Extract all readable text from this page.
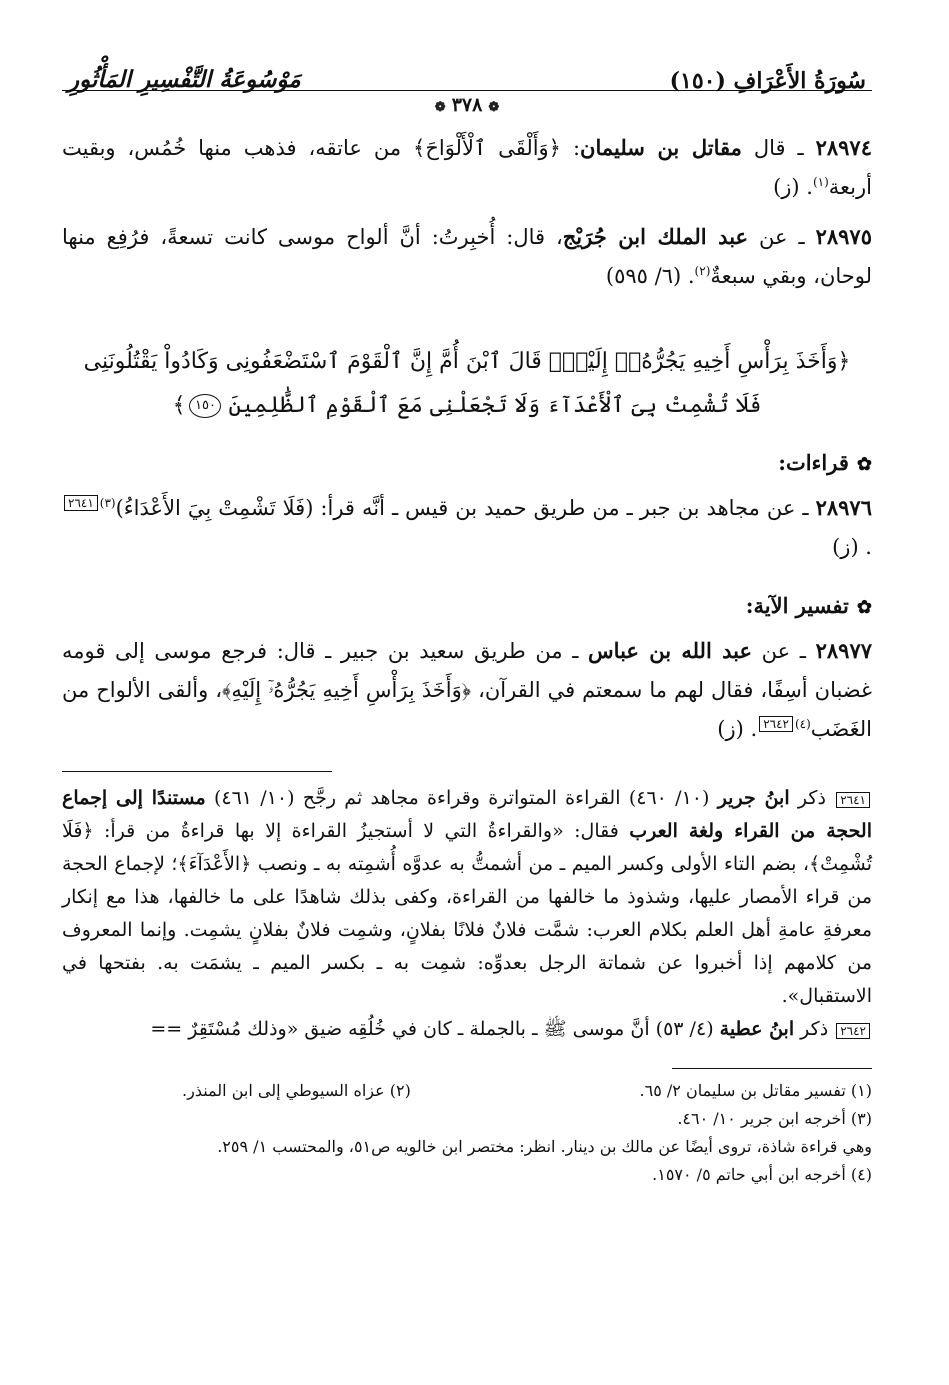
سُورَةُ الأَعْرَافِ (١٥٠)
مَوْسُوعَةُ التَّفْسِيرِ المَأْثُورِ
❁٣٧٨❁

٢٨٩٧٤ ـ قال مقاتل بن سليمان: ﴿وَأَلْقَى ٱلْأَلْوَاحَ﴾ من عاتقه، فذهب منها خُمُس، وبقيت أربعة$^{(١)}$. (ز)

٢٨٩٧٥ ـ عن عبد الملك ابن جُرَيْج، قال: أُخبِرتُ: أنَّ ألواح موسى كانت تسعةً، فرُفِع منها لوحان، وبقي سبعةٌ$^{(٢)}$. (٦/ ٥٩٥)

﴿وَأَخَذَ بِرَأْسِ أَخِيهِ يَجُرُّهُۥٓ إِلَيْهِۚ قَالَ ٱبْنَ أُمَّ إِنَّ ٱلْقَوْمَ ٱسْتَضْعَفُونِى وَكَادُواْ يَقْتُلُونَنِى
فَلَا تُشْمِتْ بِىَ ٱلْأَعْدَآءَ وَلَا تَجْعَلْنِى مَعَ ٱلْقَوْمِ ٱلظَّٰلِمِينَ ١٥٠﴾
✿قراءات:

٢٨٩٧٦ ـ عن مجاهد بن جبر ـ من طريق حميد بن قيس ـ أنَّه قرأ: (فَلَا تَشْمِتْ بِيَ الأَعْدَاءُ)$^{(٣)}$٢٦٤١. (ز)

✿تفسير الآية:

٢٨٩٧٧ ـ عن عبد الله بن عباس ـ من طريق سعيد بن جبير ـ قال: فرجع موسى إلى قومه غضبان أسِفًا، فقال لهم ما سمعتم في القرآن، ﴿وَأَخَذَ بِرَأْسِ أَخِيهِ يَجُرُّهُۥٓ إِلَيْهِ﴾، وألقى الألواح من الغَضَب$^{(٤)}$٢٦٤٢. (ز)

٢٦٤١ ذكر ابنُ جرير (١٠/ ٤٦٠) القراءة المتواترة وقراءة مجاهد ثم رجَّح (١٠/ ٤٦١) مستندًا إلى إجماع الحجة من القراء ولغة العرب فقال: «والقراءةُ التي لا أستجيزُ القراءة إلا بها قراءةُ من قرأ: ﴿فَلَا تُشْمِتْ﴾، بضم التاء الأولى وكسر الميم ـ من أشمتُّ به عدوَّه أُشمِته به ـ ونصب ﴿الأَعْدَآءَ﴾؛ لإجماع الحجة من قراء الأمصار عليها، وشذوذ ما خالفها من القراءة، وكفى بذلك شاهدًا على ما خالفها، هذا مع إنكار معرفةِ عامةِ أهل العلم بكلام العرب: شمَّت فلانٌ فلانًا بفلانٍ، وشمِت فلانٌ بفلانٍ يشمِت. وإنما المعروف من كلامهم إذا أخبروا عن شماتة الرجل بعدوِّه: شمِت به ـ بكسر الميم ـ يشمَت به. بفتحها في الاستقبال».

٢٦٤٢ ذكر ابنُ عطية (٤/ ٥٣) أنَّ موسى ﷺ ـ بالجملة ـ كان في خُلُقِه ضيق «وذلك مُسْتَقِرٌ ==

(١) تفسير مقاتل بن سليمان ٢/ ٦٥.
(٢) عزاه السيوطي إلى ابن المنذر.

(٣) أخرجه ابن جرير ١٠/ ٤٦٠.

وهي قراءة شاذة، تروى أيضًا عن مالك بن دينار. انظر: مختصر ابن خالويه ص٥١، والمحتسب ١/ ٢٥٩.

(٤) أخرجه ابن أبي حاتم ٥/ ١٥٧٠.
